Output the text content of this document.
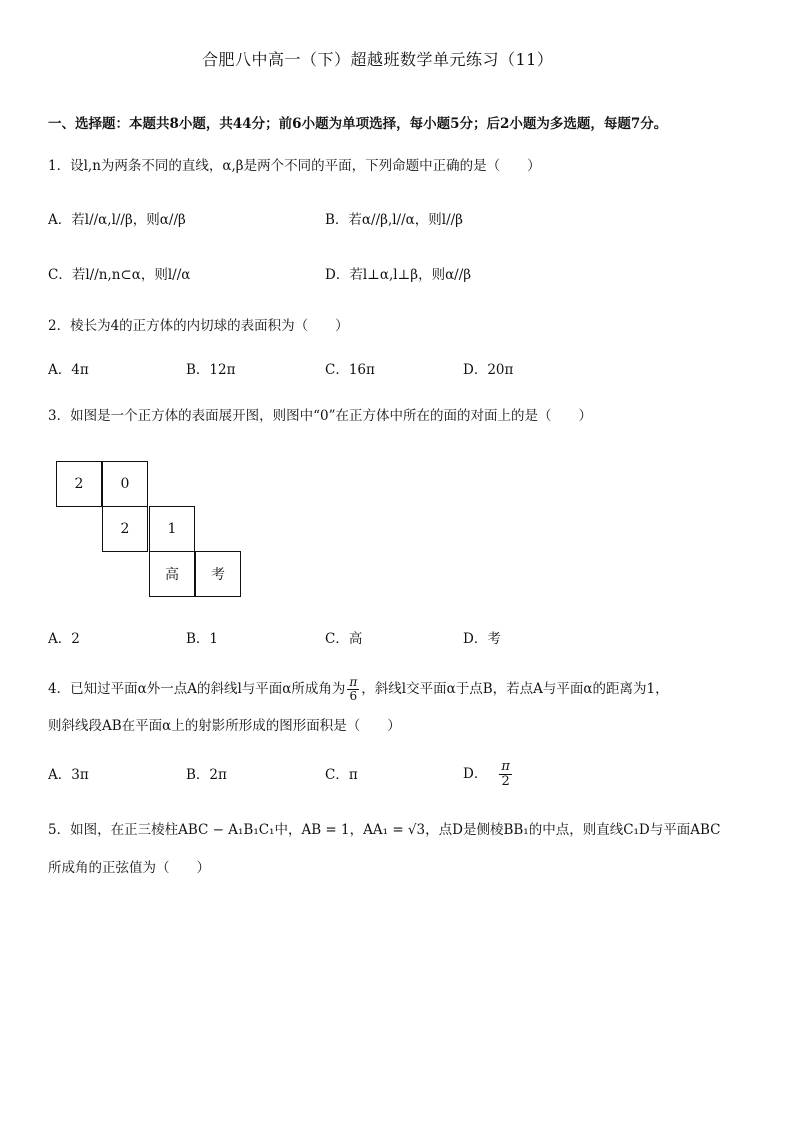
合肥八中高一（下）超越班数学单元练习（11）
一、选择题：本题共8小题，共44分；前6小题为单项选择，每小题5分；后2小题为多选题，每题7分。
1．设l,n为两条不同的直线，α,β是两个不同的平面，下列命题中正确的是（　　）
A．若l//α,l//β，则α//β	B．若α//β,l//α，则l//β
C．若l//n,n⊂α，则l//α	D．若l⊥α,l⊥β，则α//β
2．棱长为4的正方体的内切球的表面积为（　　）
A．4π	B．12π	C．16π	D．20π
3．如图是一个正方体的表面展开图，则图中“0”在正方体中所在的面的对面上的是（　　）
2	0
2	1
高	考
A．2	B．1	C．高	D．考
4．已知过平面α外一点A的斜线l与平面α所成角为 $\frac{\pi}{6}$ ，斜线l交平面α于点B，若点A与平面α的距离为1，
则斜线段AB在平面α上的射影所形成的图形面积是（　　）
A．3π	B．2π	C．π	D． $\frac{\pi}{2}$
5．如图，在正三棱柱ABC − A₁B₁C₁中，AB = 1，AA₁ = √3，点D是侧棱BB₁的中点，则直线C₁D与平面ABC
所成角的正弦值为（　　）
